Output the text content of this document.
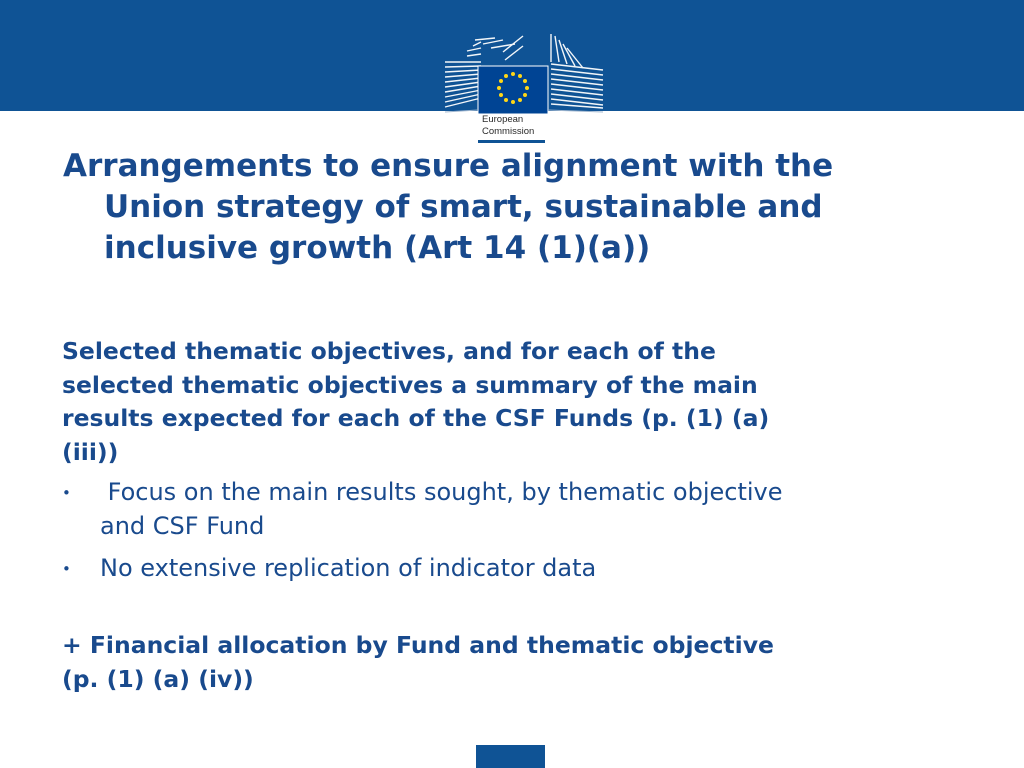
European
Commission
Arrangements to ensure alignment with the
Union strategy of smart, sustainable and
inclusive growth (Art 14 (1)(a))
Selected thematic objectives, and for each of the
selected thematic objectives a summary of the main
results expected for each of the CSF Funds (p. (1) (a)
(iii))
• Focus on the main results sought, by thematic objective
and CSF Fund
• No extensive replication of indicator data
+ Financial allocation by Fund and thematic objective
(p. (1) (a) (iv))
